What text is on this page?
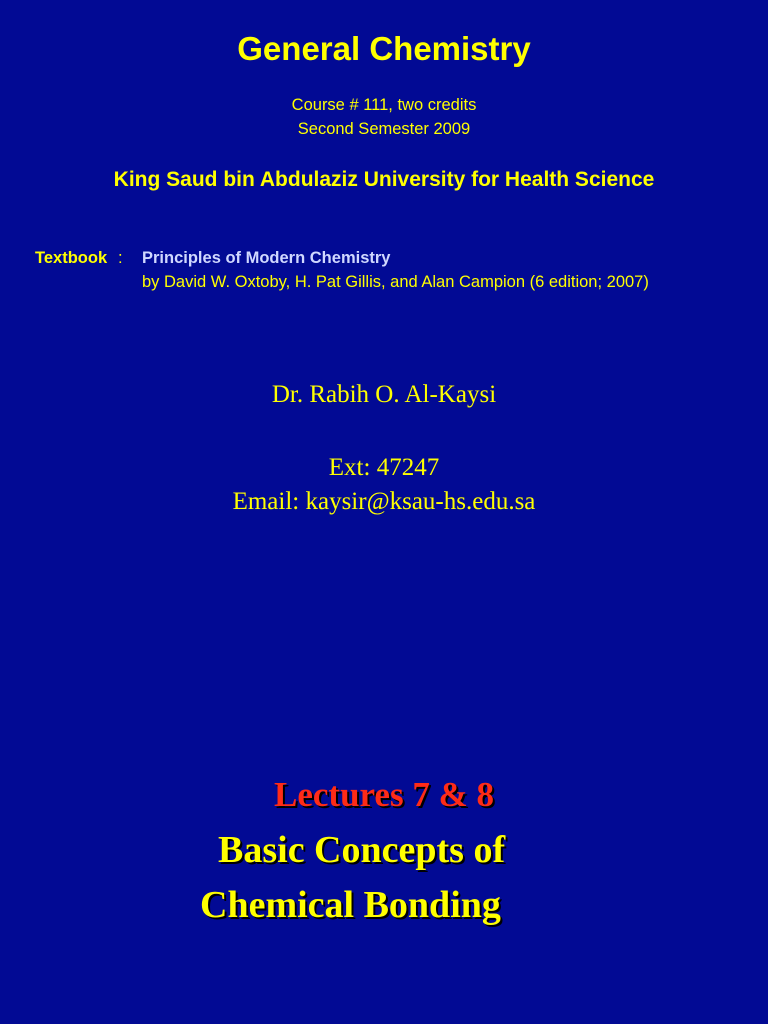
General Chemistry
Course # 111, two credits
Second Semester 2009
King Saud bin Abdulaziz University for Health Science
Textbook : Principles of Modern Chemistry
by David W. Oxtoby, H. Pat Gillis, and Alan Campion (6 edition; 2007)
Dr. Rabih O. Al-Kaysi
Ext: 47247
Email: kaysir@ksau-hs.edu.sa
Lectures 7 & 8
Basic Concepts of
Chemical Bonding
